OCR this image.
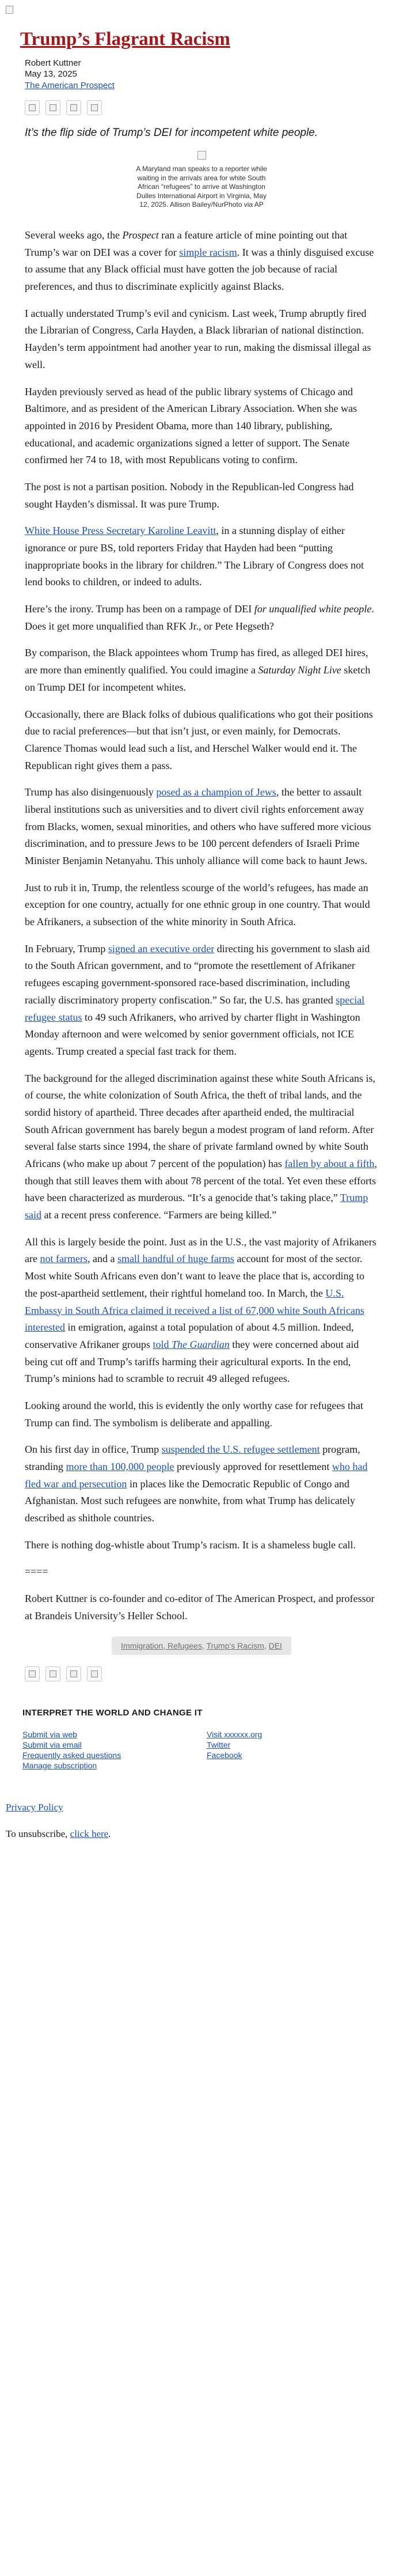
Trump’s Flagrant Racism
Robert Kuttner
May 13, 2025
The American Prospect

It’s the flip side of Trump’s DEI for incompetent white people.

A Maryland man speaks to a reporter while waiting in the arrivals area for white South African “refugees” to arrive at Washington Dulles International Airport in Virginia, May 12, 2025. Allison Bailey/NurPhoto via AP

Several weeks ago, the Prospect ran a feature article of mine pointing out that Trump’s war on DEI was a cover for simple racism. It was a thinly disguised excuse to assume that any Black official must have gotten the job because of racial preferences, and thus to discriminate explicitly against Blacks.

I actually understated Trump’s evil and cynicism. Last week, Trump abruptly fired the Librarian of Congress, Carla Hayden, a Black librarian of national distinction. Hayden’s term appointment had another year to run, making the dismissal illegal as well.

Hayden previously served as head of the public library systems of Chicago and Baltimore, and as president of the American Library Association. When she was appointed in 2016 by President Obama, more than 140 library, publishing, educational, and academic organizations signed a letter of support. The Senate confirmed her 74 to 18, with most Republicans voting to confirm.

The post is not a partisan position. Nobody in the Republican-led Congress had sought Hayden’s dismissal. It was pure Trump.

White House Press Secretary Karoline Leavitt, in a stunning display of either ignorance or pure BS, told reporters Friday that Hayden had been “putting inappropriate books in the library for children.” The Library of Congress does not lend books to children, or indeed to adults.

Here’s the irony. Trump has been on a rampage of DEI for unqualified white people. Does it get more unqualified than RFK Jr., or Pete Hegseth?

By comparison, the Black appointees whom Trump has fired, as alleged DEI hires, are more than eminently qualified. You could imagine a Saturday Night Live sketch on Trump DEI for incompetent whites.

Occasionally, there are Black folks of dubious qualifications who got their positions due to racial preferences—but that isn’t just, or even mainly, for Democrats. Clarence Thomas would lead such a list, and Herschel Walker would end it. The Republican right gives them a pass.

Trump has also disingenuously posed as a champion of Jews, the better to assault liberal institutions such as universities and to divert civil rights enforcement away from Blacks, women, sexual minorities, and others who have suffered more vicious discrimination, and to pressure Jews to be 100 percent defenders of Israeli Prime Minister Benjamin Netanyahu. This unholy alliance will come back to haunt Jews.

Just to rub it in, Trump, the relentless scourge of the world’s refugees, has made an exception for one country, actually for one ethnic group in one country. That would be Afrikaners, a subsection of the white minority in South Africa.

In February, Trump signed an executive order directing his government to slash aid to the South African government, and to “promote the resettlement of Afrikaner refugees escaping government-sponsored race-based discrimination, including racially discriminatory property confiscation.” So far, the U.S. has granted special refugee status to 49 such Afrikaners, who arrived by charter flight in Washington Monday afternoon and were welcomed by senior government officials, not ICE agents. Trump created a special fast track for them.

The background for the alleged discrimination against these white South Africans is, of course, the white colonization of South Africa, the theft of tribal lands, and the sordid history of apartheid. Three decades after apartheid ended, the multiracial South African government has barely begun a modest program of land reform. After several false starts since 1994, the share of private farmland owned by white South Africans (who make up about 7 percent of the population) has fallen by about a fifth, though that still leaves them with about 78 percent of the total. Yet even these efforts have been characterized as murderous. “It’s a genocide that’s taking place,” Trump said at a recent press conference. “Farmers are being killed.”

All this is largely beside the point. Just as in the U.S., the vast majority of Afrikaners are not farmers, and a small handful of huge farms account for most of the sector. Most white South Africans even don’t want to leave the place that is, according to the post-apartheid settlement, their rightful homeland too. In March, the U.S. Embassy in South Africa claimed it received a list of 67,000 white South Africans interested in emigration, against a total population of about 4.5 million. Indeed, conservative Afrikaner groups told The Guardian they were concerned about aid being cut off and Trump’s tariffs harming their agricultural exports. In the end, Trump’s minions had to scramble to recruit 49 alleged refugees.

Looking around the world, this is evidently the only worthy case for refugees that Trump can find. The symbolism is deliberate and appalling.

On his first day in office, Trump suspended the U.S. refugee settlement program, stranding more than 100,000 people previously approved for resettlement who had fled war and persecution in places like the Democratic Republic of Congo and Afghanistan. Most such refugees are nonwhite, from what Trump has delicately described as shithole countries.

There is nothing dog-whistle about Trump’s racism. It is a shameless bugle call.

====

Robert Kuttner is co-founder and co-editor of The American Prospect, and professor at Brandeis University’s Heller School.

Immigration, Refugees, Trump’s Racism, DEI
INTERPRET THE WORLD AND CHANGE IT
Submit via web
Submit via email
Frequently asked questions
Manage subscription
Visit xxxxxx.org
Twitter
Facebook

Privacy Policy

To unsubscribe, click here.
